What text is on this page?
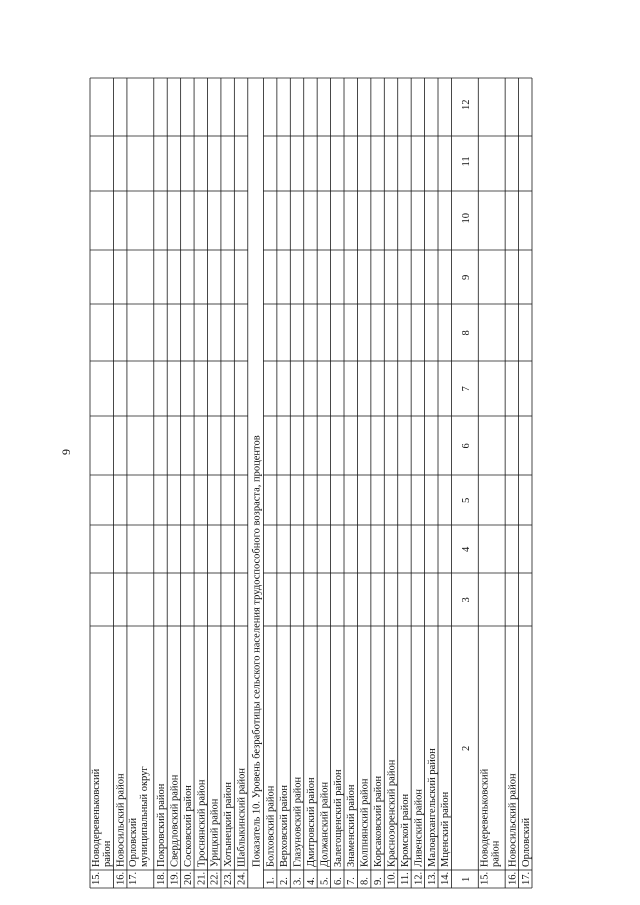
9
15.
Новодеревеньковский район
16.
Новосильский район
17.
Орловский муниципальный округ
18.
Покровский район
19.
Свердловский район
20.
Сосковский район
21.
Троснянский район
22.
Урицкий район
23.
Хотынецкий район
24.
Шаблыкинский район Показатель 10. Уровень безработицы сельского населения трудоспособного возраста, процентов
1.
Болховский район
2.
Верховский район
3.
Глазуновский район
4.
Дмитровский район
5.
Должанский район
6.
Залегощенский район
7.
Знаменский район
8.
Колпнянский район
9.
Корсаковский район
10.
Краснозоренский район
11.
Кромской район
12.
Ливенский район
13.
Малоархангельский район
14.
Мценский район
1
2
3
4
5
6
7
8
9
10
11
12
15.
Новодеревеньковский район
16.
Новосильский район
17.
Орловский
